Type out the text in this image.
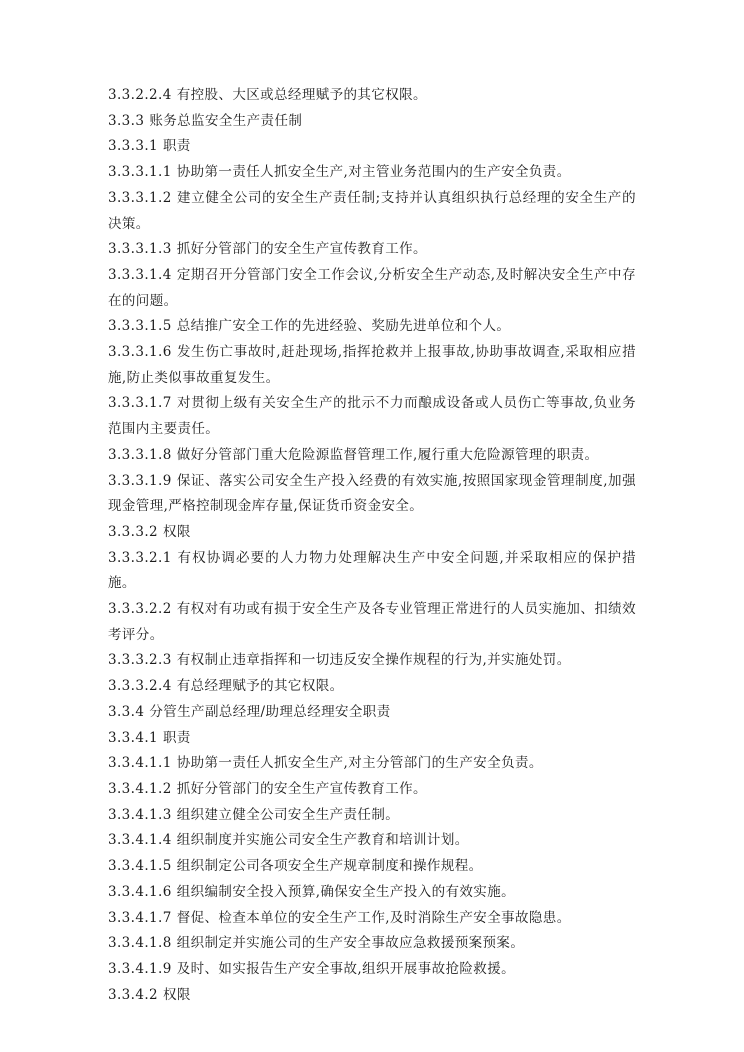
3.3.2.2.4 有控股、大区或总经理赋予的其它权限。

3.3.3 账务总监安全生产责任制

3.3.3.1 职责

3.3.3.1.1 协助第一责任人抓安全生产,对主管业务范围内的生产安全负责。

3.3.3.1.2 建立健全公司的安全生产责任制;支持并认真组织执行总经理的安全生产的决策。

3.3.3.1.3 抓好分管部门的安全生产宣传教育工作。

3.3.3.1.4 定期召开分管部门安全工作会议,分析安全生产动态,及时解决安全生产中存在的问题。

3.3.3.1.5 总结推广安全工作的先进经验、奖励先进单位和个人。

3.3.3.1.6 发生伤亡事故时,赶赴现场,指挥抢救并上报事故,协助事故调查,采取相应措施,防止类似事故重复发生。

3.3.3.1.7 对贯彻上级有关安全生产的批示不力而酿成设备或人员伤亡等事故,负业务范围内主要责任。

3.3.3.1.8 做好分管部门重大危险源监督管理工作,履行重大危险源管理的职责。

3.3.3.1.9 保证、落实公司安全生产投入经费的有效实施,按照国家现金管理制度,加强现金管理,严格控制现金库存量,保证货币资金安全。

3.3.3.2 权限

3.3.3.2.1 有权协调必要的人力物力处理解决生产中安全问题,并采取相应的保护措施。

3.3.3.2.2 有权对有功或有损于安全生产及各专业管理正常进行的人员实施加、扣绩效考评分。

3.3.3.2.3 有权制止违章指挥和一切违反安全操作规程的行为,并实施处罚。

3.3.3.2.4 有总经理赋予的其它权限。

3.3.4 分管生产副总经理/助理总经理安全职责

3.3.4.1 职责

3.3.4.1.1 协助第一责任人抓安全生产,对主分管部门的生产安全负责。

3.3.4.1.2 抓好分管部门的安全生产宣传教育工作。

3.3.4.1.3 组织建立健全公司安全生产责任制。

3.3.4.1.4 组织制度并实施公司安全生产教育和培训计划。

3.3.4.1.5 组织制定公司各项安全生产规章制度和操作规程。

3.3.4.1.6 组织编制安全投入预算,确保安全生产投入的有效实施。

3.3.4.1.7 督促、检查本单位的安全生产工作,及时消除生产安全事故隐患。

3.3.4.1.8 组织制定并实施公司的生产安全事故应急救援预案预案。

3.3.4.1.9 及时、如实报告生产安全事故,组织开展事故抢险救援。

3.3.4.2 权限
